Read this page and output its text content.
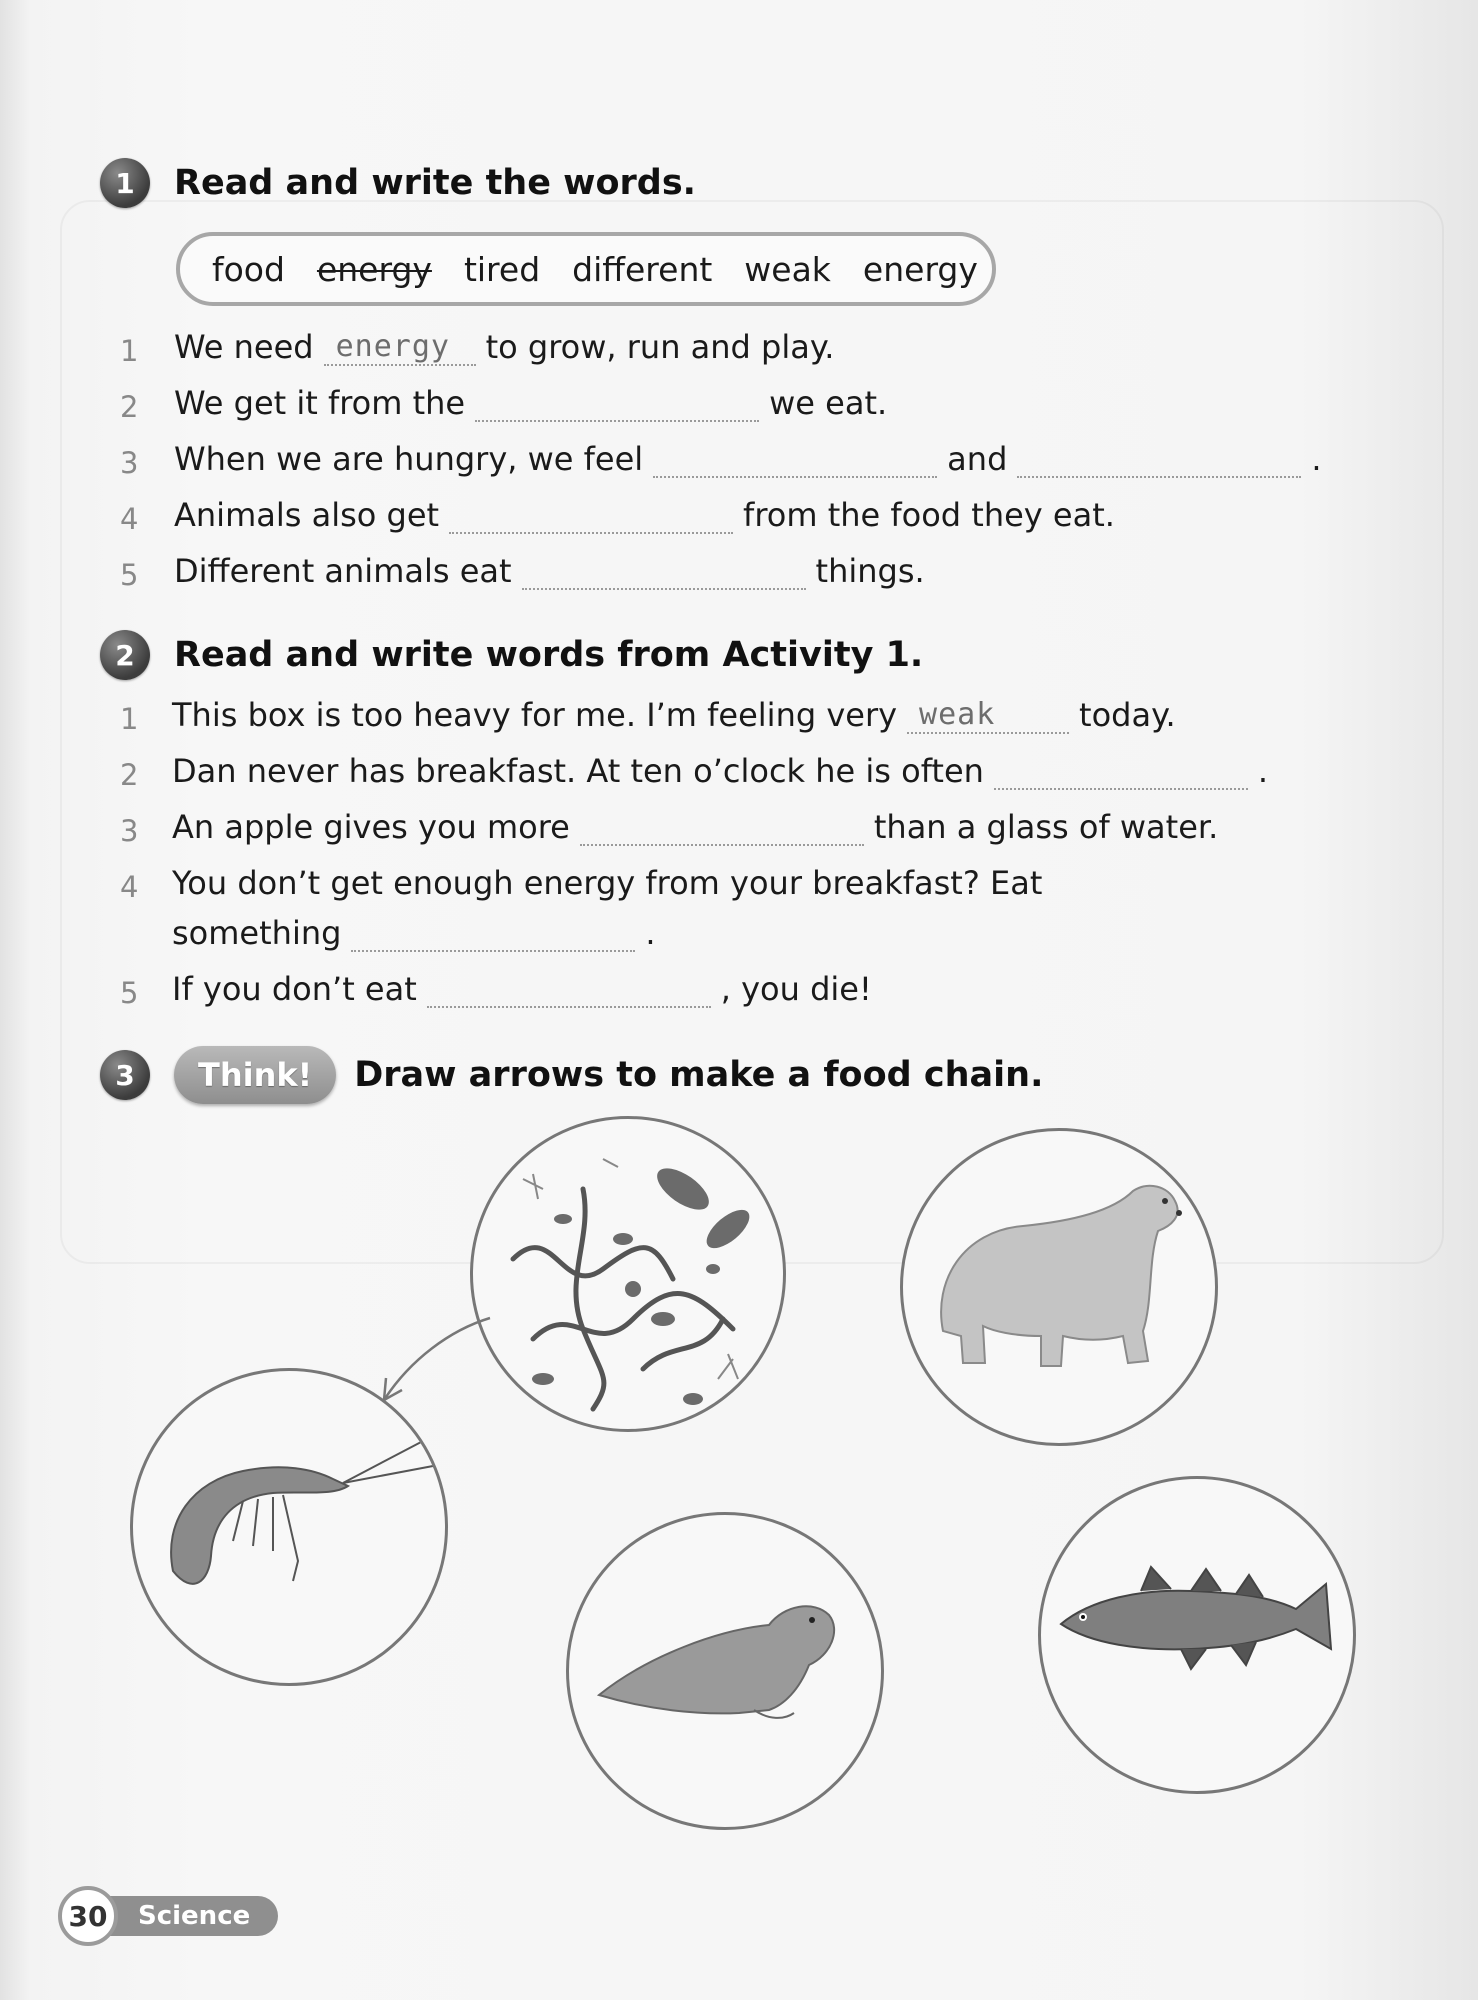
1	Read and write the words.
food energy tired different weak energy
1 We need energy to grow, run and play.
2 We get it from the	we eat.
3 When we are hungry, we feel	and	.
4 Animals also get	from the food they eat.
5 Different animals eat	things.
2	Read and write words from Activity 1.
1 This box is too heavy for me. I’m feeling very weak	today.
2 Dan never has breakfast. At ten o’clock he is often	.
3 An apple gives you more	than a glass of water.
4 You don’t get enough energy from your breakfast? Eat
something	.
5 If you don’t eat	, you die!
3	Think!	Draw arrows to make a food chain.
30	Science
